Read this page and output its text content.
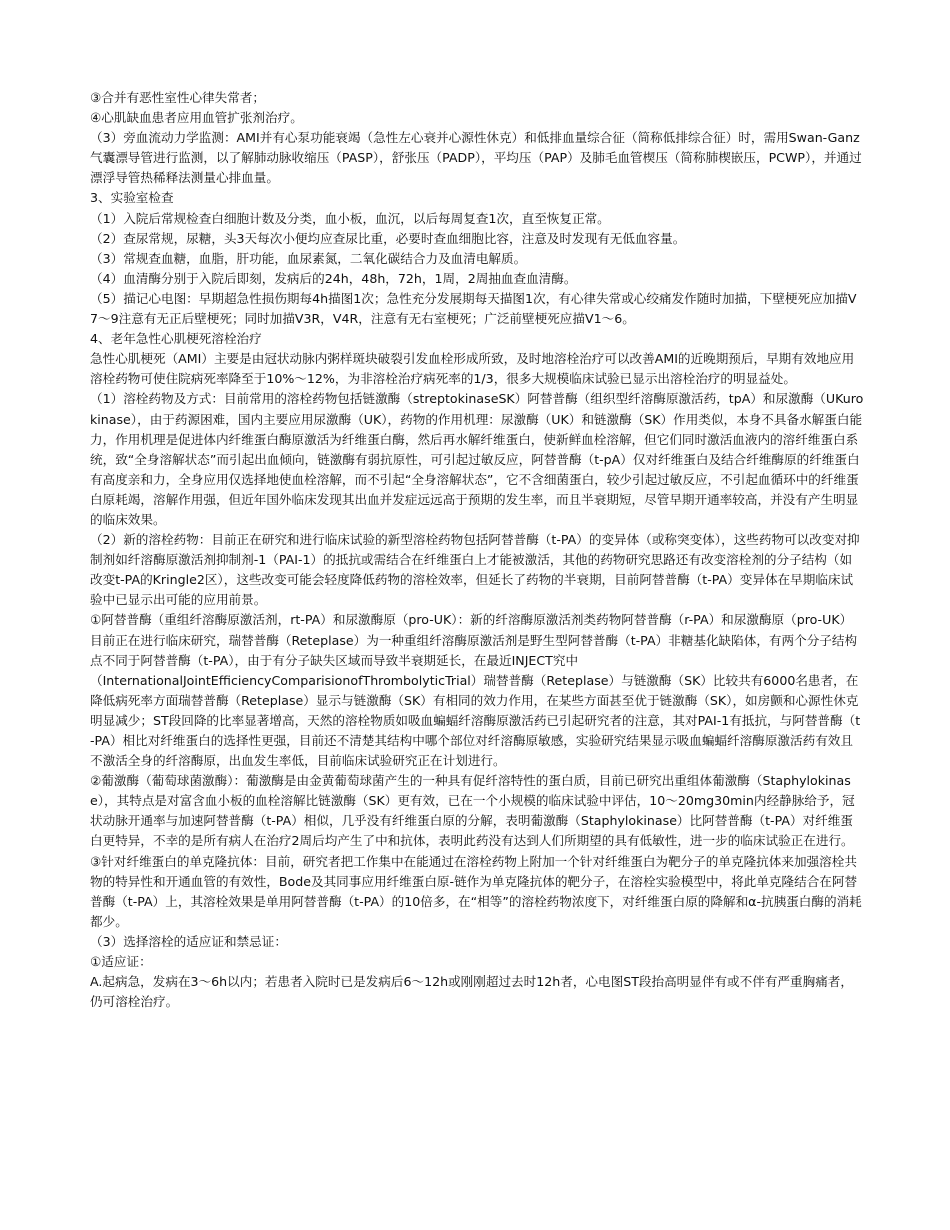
③合并有恶性室性心律失常者；

④心肌缺血患者应用血管扩张剂治疗。

（3）旁血流动力学监测：AMI并有心泵功能衰竭（急性左心衰并心源性休克）和低排血量综合征（简称低排综合征）时，需用Swan-Ganz气囊漂导管进行监测，以了解肺动脉收缩压（PASP），舒张压（PADP），平均压（PAP）及肺毛血管楔压（简称肺楔嵌压，PCWP），并通过漂浮导管热稀释法测量心排血量。

3、实验室检查

（1）入院后常规检查白细胞计数及分类，血小板，血沉，以后每周复查1次，直至恢复正常。

（2）查尿常规，尿糖，头3天每次小便均应查尿比重，必要时查血细胞比容，注意及时发现有无低血容量。

（3）常规查血糖，血脂，肝功能，血尿素氮，二氧化碳结合力及血清电解质。

（4）血清酶分别于入院后即刻，发病后的24h，48h，72h，1周，2周抽血查血清酶。

（5）描记心电图：早期超急性损伤期每4h描图1次；急性充分发展期每天描图1次，有心律失常或心绞痛发作随时加描，下壁梗死应加描V7～9注意有无正后壁梗死；同时加描V3R，V4R，注意有无右室梗死；广泛前壁梗死应描V1～6。

4、老年急性心肌梗死溶栓治疗

急性心肌梗死（AMI）主要是由冠状动脉内粥样斑块破裂引发血栓形成所致，及时地溶栓治疗可以改善AMI的近晚期预后，早期有效地应用溶栓药物可使住院病死率降至于10%～12%，为非溶栓治疗病死率的1/3，很多大规模临床试验已显示出溶栓治疗的明显益处。

（1）溶栓药物及方式：目前常用的溶栓药物包括链激酶（streptokinaseSK）阿替普酶（组织型纤溶酶原激活药，tpA）和尿激酶（UKurokinase），由于药源困难，国内主要应用尿激酶（UK），药物的作用机理：尿激酶（UK）和链激酶（SK）作用类似，本身不具备水解蛋白能力，作用机理是促进体内纤维蛋白酶原激活为纤维蛋白酶，然后再水解纤维蛋白，使新鲜血栓溶解，但它们同时激活血液内的溶纤维蛋白系统，致“全身溶解状态”而引起出血倾向，链激酶有弱抗原性，可引起过敏反应，阿替普酶（t-pA）仅对纤维蛋白及结合纤维酶原的纤维蛋白有高度亲和力，全身应用仅选择地使血栓溶解，而不引起“全身溶解状态”，它不含细菌蛋白，较少引起过敏反应，不引起血循环中的纤维蛋白原耗竭，溶解作用强，但近年国外临床发现其出血并发症远远高于预期的发生率，而且半衰期短，尽管早期开通率较高，并没有产生明显的临床效果。

（2）新的溶栓药物：目前正在研究和进行临床试验的新型溶栓药物包括阿替普酶（t-PA）的变异体（或称突变体），这些药物可以改变对抑制剂如纤溶酶原激活剂抑制剂-1（PAI-1）的抵抗或需结合在纤维蛋白上才能被激活，其他的药物研究思路还有改变溶栓剂的分子结构（如改变t-PA的Kringle2区），这些改变可能会轻度降低药物的溶栓效率，但延长了药物的半衰期，目前阿替普酶（t-PA）变异体在早期临床试验中已显示出可能的应用前景。

①阿替普酶（重组纤溶酶原激活剂，rt-PA）和尿激酶原（pro-UK）：新的纤溶酶原激活剂类药物阿替普酶（r-PA）和尿激酶原（pro-UK）目前正在进行临床研究，瑞替普酶（Reteplase）为一种重组纤溶酶原激活剂是野生型阿替普酶（t-PA）非糖基化缺陷体，有两个分子结构点不同于阿替普酶（t-PA），由于有分子缺失区域而导致半衰期延长，在最近INJECT究中

（InternationalJointEfficiencyComparisionofThrombolyticTrial）瑞替普酶（Reteplase）与链激酶（SK）比较共有6000名患者，在降低病死率方面瑞替普酶（Reteplase）显示与链激酶（SK）有相同的效力作用，在某些方面甚至优于链激酶（SK），如房颤和心源性休克明显减少；ST段回降的比率显著增高，天然的溶栓物质如吸血蝙蝠纤溶酶原激活药已引起研究者的注意，其对PAI-1有抵抗，与阿替普酶（t-PA）相比对纤维蛋白的选择性更强，目前还不清楚其结构中哪个部位对纤溶酶原敏感，实验研究结果显示吸血蝙蝠纤溶酶原激活药有效且不激活全身的纤溶酶原，出血发生率低，目前临床试验研究正在计划进行。

②葡激酶（葡萄球菌激酶）：葡激酶是由金黄葡萄球菌产生的一种具有促纤溶特性的蛋白质，目前已研究出重组体葡激酶（Staphylokinase），其特点是对富含血小板的血栓溶解比链激酶（SK）更有效，已在一个小规模的临床试验中评估，10～20mg30min内经静脉给予，冠状动脉开通率与加速阿替普酶（t-PA）相似，几乎没有纤维蛋白原的分解，表明葡激酶（Staphylokinase）比阿替普酶（t-PA）对纤维蛋白更特异，不幸的是所有病人在治疗2周后均产生了中和抗体，表明此药没有达到人们所期望的具有低敏性，进一步的临床试验正在进行。

③针对纤维蛋白的单克隆抗体：目前，研究者把工作集中在能通过在溶栓药物上附加一个针对纤维蛋白为靶分子的单克隆抗体来加强溶栓共物的特异性和开通血管的有效性，Bode及其同事应用纤维蛋白原-链作为单克隆抗体的靶分子，在溶栓实验模型中，将此单克隆结合在阿替普酶（t-PA）上，其溶栓效果是单用阿替普酶（t-PA）的10倍多，在“相等”的溶栓药物浓度下，对纤维蛋白原的降解和α-抗胰蛋白酶的消耗都少。

（3）选择溶栓的适应证和禁忌证：

①适应证：

A.起病急，发病在3～6h以内；若患者入院时已是发病后6～12h或刚刚超过去时12h者，心电图ST段抬高明显伴有或不伴有严重胸痛者，仍可溶栓治疗。
